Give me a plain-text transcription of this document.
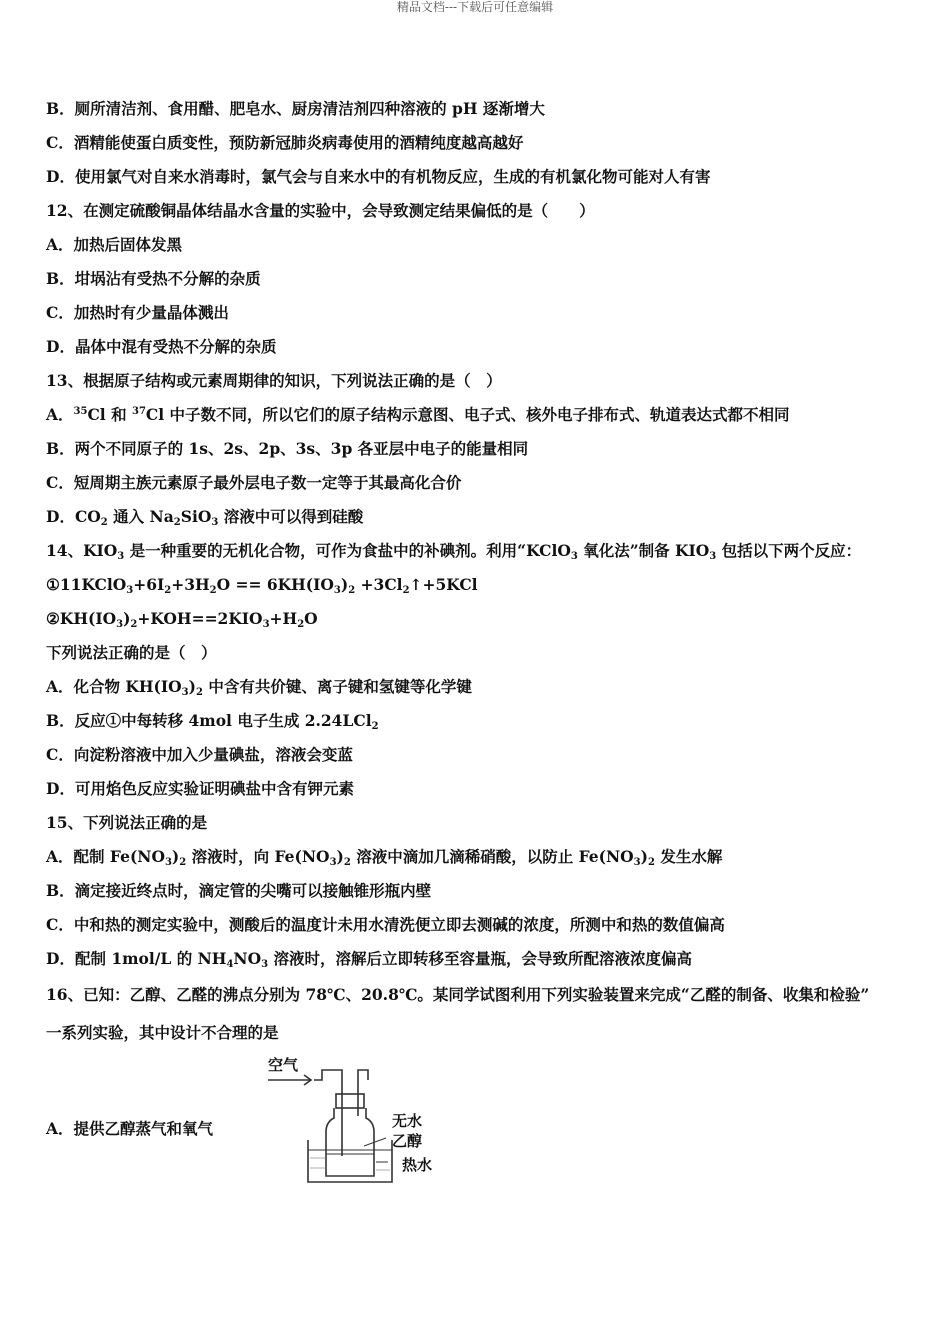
精品文档---下载后可任意编辑
B．厕所清洁剂、食用醋、肥皂水、厨房清洁剂四种溶液的 pH 逐渐增大
C．酒精能使蛋白质变性，预防新冠肺炎病毒使用的酒精纯度越高越好
D．使用氯气对自来水消毒时，氯气会与自来水中的有机物反应，生成的有机氯化物可能对人有害
12、在测定硫酸铜晶体结晶水含量的实验中，会导致测定结果偏低的是（　　）
A．加热后固体发黑
B．坩埚沾有受热不分解的杂质
C．加热时有少量晶体溅出
D．晶体中混有受热不分解的杂质
13、根据原子结构或元素周期律的知识，下列说法正确的是（　）
A．$^{35}$Cl 和 $^{37}$Cl 中子数不同，所以它们的原子结构示意图、电子式、核外电子排布式、轨道表达式都不相同
B．两个不同原子的 1s、2s、2p、3s、3p 各亚层中电子的能量相同
C．短周期主族元素原子最外层电子数一定等于其最高化合价
D．$CO_2$ 通入 $Na_2SiO_3$ 溶液中可以得到硅酸
14、$KIO_3$ 是一种重要的无机化合物，可作为食盐中的补碘剂。利用“KClO$_3$ 氧化法”制备 $KIO_3$ 包括以下两个反应：
$①11KClO_3+6I_2+3H_2O == 6KH(IO_3)_2$ $+3Cl_2↑+5KCl$
$②KH(IO_3)_2+KOH==2KIO_3+H_2O$
下列说法正确的是（　）
A．化合物 $KH(IO_3)_2$ 中含有共价键、离子键和氢键等化学键
B．反应①中每转移 4mol 电子生成 2.24LCl$_2$
C．向淀粉溶液中加入少量碘盐，溶液会变蓝
D．可用焰色反应实验证明碘盐中含有钾元素
15、下列说法正确的是
A．配制 $Fe(NO_3)_2$ 溶液时，向 $Fe(NO_3)_2$ 溶液中滴加几滴稀硝酸，以防止 $Fe(NO_3)_2$ 发生水解
B．滴定接近终点时，滴定管的尖嘴可以接触锥形瓶内壁
C．中和热的测定实验中，测酸后的温度计未用水清洗便立即去测碱的浓度，所测中和热的数值偏高
D．配制 1mol/L 的 $NH_4NO_3$ 溶液时，溶解后立即转移至容量瓶，会导致所配溶液浓度偏高
16、已知：乙醇、乙醛的沸点分别为 78℃、20.8℃。某同学试图利用下列实验装置来完成“乙醛的制备、收集和检验”
一系列实验，其中设计不合理的是
A．提供乙醇蒸气和氧气
空气
无水
乙醇
热水
